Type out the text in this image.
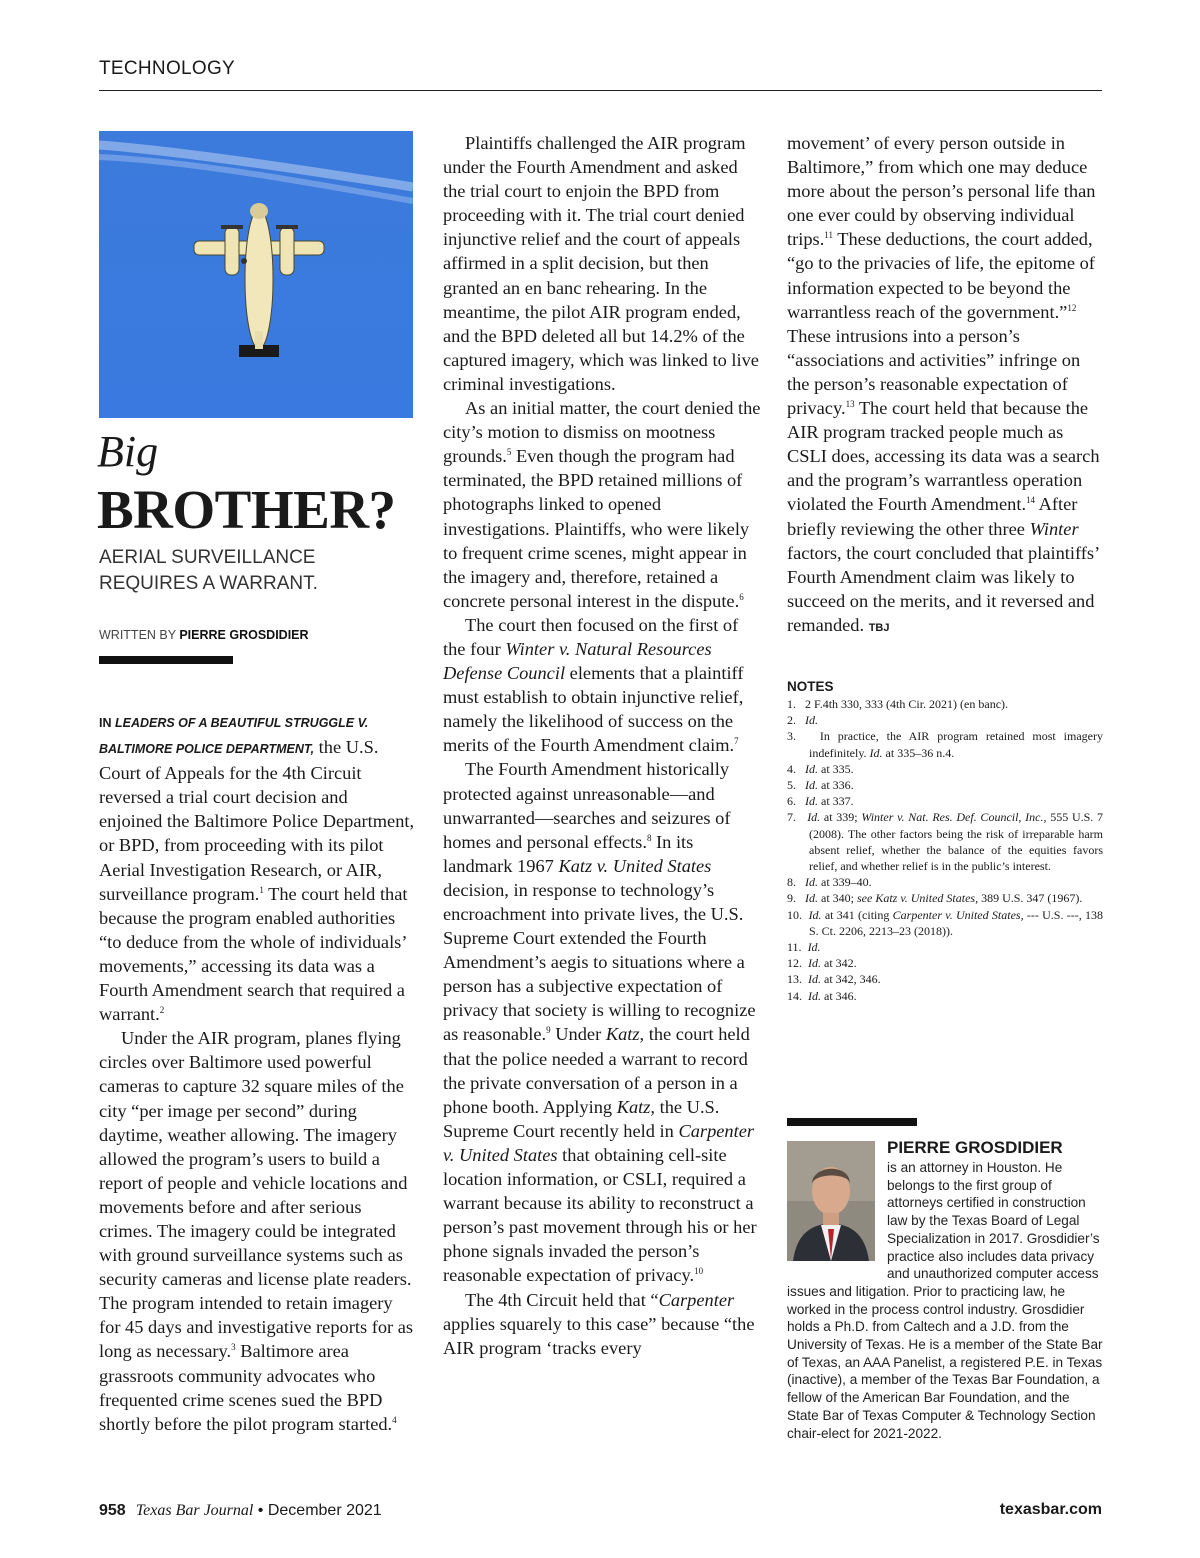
TECHNOLOGY
Big
BROTHER?
AERIAL SURVEILLANCE
REQUIRES A WARRANT.
WRITTEN BY PIERRE GROSDIDIER

IN LEADERS OF A BEAUTIFUL STRUGGLE V. BALTIMORE POLICE DEPARTMENT, the U.S. Court of Appeals for the 4th Circuit reversed a trial court decision and enjoined the Baltimore Police Department, or BPD, from proceeding with its pilot Aerial Investigation Research, or AIR, surveillance program.$^1$ The court held that because the program enabled authorities “to deduce from the whole of individuals’ movements,” accessing its data was a Fourth Amendment search that required a warrant.$^2$

Under the AIR program, planes flying circles over Baltimore used powerful cameras to capture 32 square miles of the city “per image per second” during daytime, weather allowing. The imagery allowed the program’s users to build a report of people and vehicle locations and movements before and after serious crimes. The imagery could be integrated with ground surveillance systems such as security cameras and license plate readers. The program intended to retain imagery for 45 days and investigative reports for as long as necessary.$^3$ Baltimore area grassroots community advocates who frequented crime scenes sued the BPD shortly before the pilot program started.$^4$

Plaintiffs challenged the AIR program under the Fourth Amendment and asked the trial court to enjoin the BPD from proceeding with it. The trial court denied injunctive relief and the court of appeals affirmed in a split decision, but then granted an en banc rehearing. In the meantime, the pilot AIR program ended, and the BPD deleted all but 14.2% of the captured imagery, which was linked to live criminal investigations.

As an initial matter, the court denied the city’s motion to dismiss on mootness grounds.$^5$ Even though the program had terminated, the BPD retained millions of photographs linked to opened investigations. Plaintiffs, who were likely to frequent crime scenes, might appear in the imagery and, therefore, retained a concrete personal interest in the dispute.$^6$

The court then focused on the first of the four Winter v. Natural Resources Defense Council elements that a plaintiff must establish to obtain injunctive relief, namely the likelihood of success on the merits of the Fourth Amendment claim.$^7$

The Fourth Amendment historically protected against unreasonable—and unwarranted—searches and seizures of homes and personal effects.$^8$ In its landmark 1967 Katz v. United States decision, in response to technology’s encroachment into private lives, the U.S. Supreme Court extended the Fourth Amendment’s aegis to situations where a person has a subjective expectation of privacy that society is willing to recognize as reasonable.$^9$ Under Katz, the court held that the police needed a warrant to record the private conversation of a person in a phone booth. Applying Katz, the U.S. Supreme Court recently held in Carpenter v. United States that obtaining cell-site location information, or CSLI, required a warrant because its ability to reconstruct a person’s past movement through his or her phone signals invaded the person’s reasonable expectation of privacy.$^{10}$

The 4th Circuit held that “Carpenter applies squarely to this case” because “the AIR program ‘tracks every

movement’ of every person outside in Baltimore,” from which one may deduce more about the person’s personal life than one ever could by observing individual trips.$^{11}$ These deductions, the court added, “go to the privacies of life, the epitome of information expected to be beyond the warrantless reach of the government.”$^{12}$ These intrusions into a person’s “associations and activities” infringe on the person’s reasonable expectation of privacy.$^{13}$ The court held that because the AIR program tracked people much as CSLI does, accessing its data was a search and the program’s warrantless operation violated the Fourth Amendment.$^{14}$ After briefly reviewing the other three Winter factors, the court concluded that plaintiffs’ Fourth Amendment claim was likely to succeed on the merits, and it reversed and remanded. TBJ

NOTES
1.   2 F.4th 330, 333 (4th Cir. 2021) (en banc).
2.   Id.
3.   In practice, the AIR program retained most imagery indefinitely. Id. at 335–36 n.4.
4.   Id. at 335.
5.   Id. at 336.
6.   Id. at 337.
7.   Id. at 339; Winter v. Nat. Res. Def. Council, Inc., 555 U.S. 7 (2008). The other factors being the risk of irreparable harm absent relief, whether the balance of the equities favors relief, and whether relief is in the public’s interest.
8.   Id. at 339–40.
9.   Id. at 340; see Katz v. United States, 389 U.S. 347 (1967).
10.  Id. at 341 (citing Carpenter v. United States, --- U.S. ---, 138 S. Ct. 2206, 2213–23 (2018)).
11.  Id.
12.  Id. at 342.
13.  Id. at 342, 346.
14.  Id. at 346.
PIERRE GROSDIDIER
is an attorney in Houston. He belongs to the first group of attorneys certified in construction law by the Texas Board of Legal Specialization in 2017. Grosdidier’s practice also includes data privacy and unauthorized computer access issues and litigation. Prior to practicing law, he worked in the process control industry. Grosdidier holds a Ph.D. from Caltech and a J.D. from the University of Texas. He is a member of the State Bar of Texas, an AAA Panelist, a registered P.E. in Texas (inactive), a member of the Texas Bar Foundation, a fellow of the American Bar Foundation, and the State Bar of Texas Computer & Technology Section chair-elect for 2021-2022.
958 Texas Bar Journal • December 2021	texasbar.com
